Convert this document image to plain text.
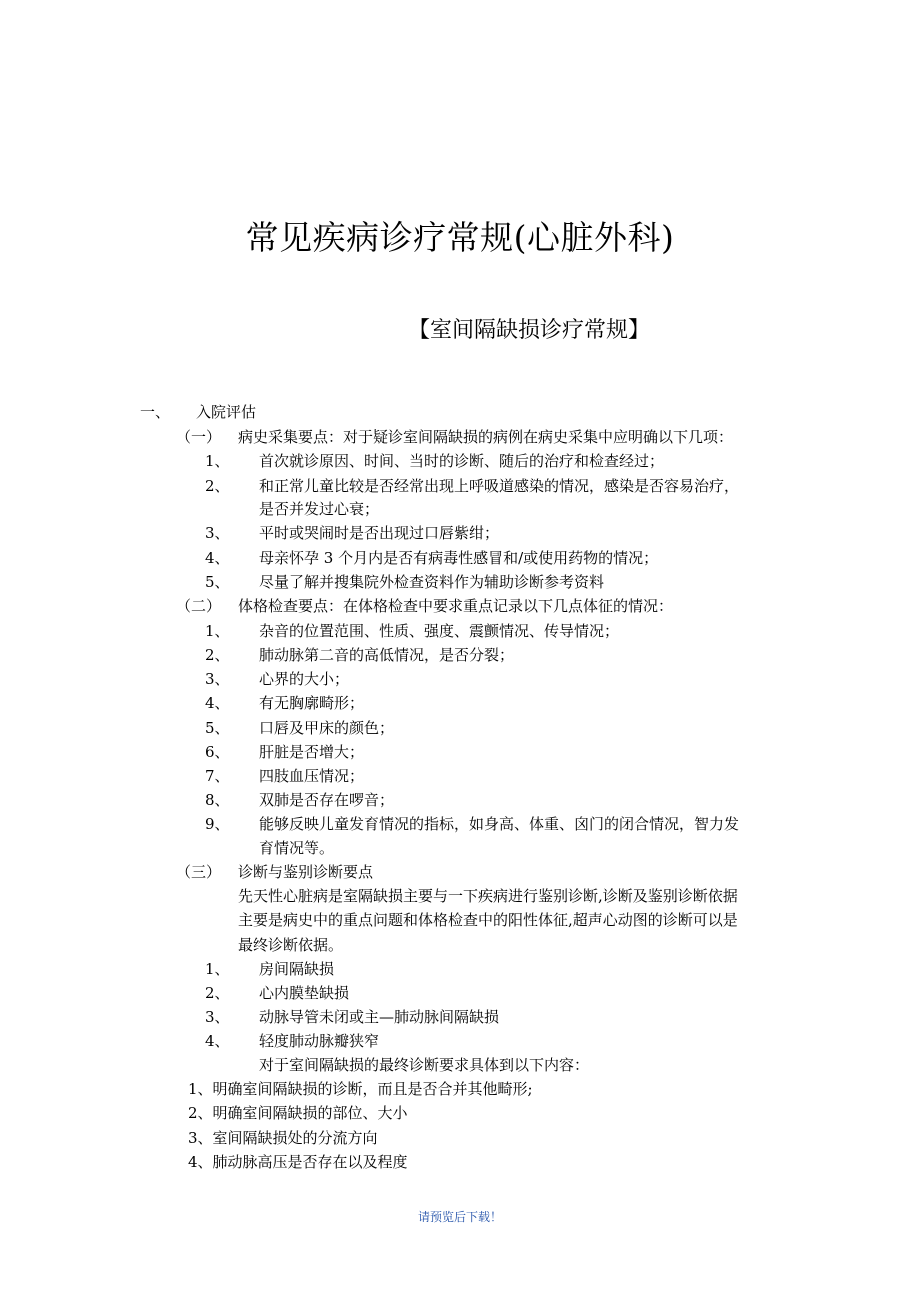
常见疾病诊疗常规(心脏外科)
【室间隔缺损诊疗常规】
一、 入院评估
（一） 病史采集要点：对于疑诊室间隔缺损的病例在病史采集中应明确以下几项：
1、 首次就诊原因、时间、当时的诊断、随后的治疗和检查经过；
2、 和正常儿童比较是否经常出现上呼吸道感染的情况，感染是否容易治疗，
是否并发过心衰；
3、 平时或哭闹时是否出现过口唇紫绀；
4、 母亲怀孕 3 个月内是否有病毒性感冒和/或使用药物的情况；
5、 尽量了解并搜集院外检查资料作为辅助诊断参考资料
（二） 体格检查要点：在体格检查中要求重点记录以下几点体征的情况：
1、 杂音的位置范围、性质、强度、震颤情况、传导情况；
2、 肺动脉第二音的高低情况，是否分裂；
3、 心界的大小；
4、 有无胸廓畸形；
5、 口唇及甲床的颜色；
6、 肝脏是否增大；
7、 四肢血压情况；
8、 双肺是否存在啰音；
9、 能够反映儿童发育情况的指标，如身高、体重、囟门的闭合情况，智力发
育情况等。
（三） 诊断与鉴别诊断要点
先天性心脏病是室隔缺损主要与一下疾病进行鉴别诊断,诊断及鉴别诊断依据
主要是病史中的重点问题和体格检查中的阳性体征,超声心动图的诊断可以是
最终诊断依据。
1、 房间隔缺损
2、 心内膜垫缺损
3、 动脉导管未闭或主—肺动脉间隔缺损
4、 轻度肺动脉瓣狭窄
对于室间隔缺损的最终诊断要求具体到以下内容：
1、明确室间隔缺损的诊断，而且是否合并其他畸形;
2、明确室间隔缺损的部位、大小
3、室间隔缺损处的分流方向
4、肺动脉高压是否存在以及程度
请预览后下载！
